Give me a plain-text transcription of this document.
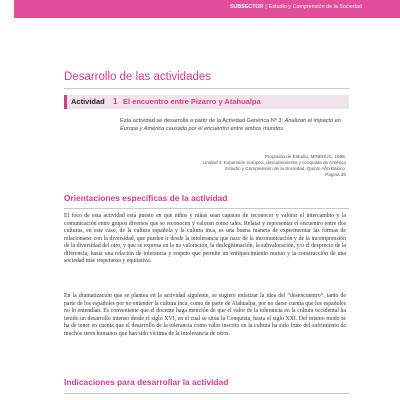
SUBSECTOR | Estudio y Comprensión de la Sociedad
Desarrollo de las actividades
Actividad 1 El encuentro entre Pizarro y Atahualpa

Esta actividad se desarrolla a partir de la Actividad Genérica Nº 3: Analizan el impacto en Europa y América causado por el encuentro entre ambos mundos.

Programa de Estudio, MINEDUC, 1998.
Unidad 3: Expansión europea, descubrimiento y conquista de América
Estudio y Comprensión de la Sociedad. Quinto Año Básico.
Página 35
Orientaciones específicas de la actividad

El foco de esta actividad está puesto en que niños y niñas sean capaces de reconocer y valorar el intercambio y la comunicación entre grupos diversos que se reconocen y valoran como tales. Relatar y representar el encuentro entre dos culturas, en este caso, de la cultura española y la cultura inca, es una buena manera de experimentar las formas de relacionarse con la diversidad, que pueden ir desde la intolerancia que nace de la incomunicación y de la incomprensión de la diversidad del otro, y que se expresa en la no valoración, la deslegitimación, la subvaloración, y/o el desprecio de la diferencia, hasta una relación de tolerancia y respeto que permite un enriquecimiento mutuo y la construcción de una sociedad más respetuosa y equitativa.

En la dramatización que se plantea en la actividad siguiente, se sugiere enfatizar la idea del “desencuentro”, tanto de parte de los españoles por no entender la cultura inca, como de parte de Atahualpa, por no darse cuenta que los españoles no lo entendían. Es conveniente que el docente haga mención de que el valor de la tolerancia en la cultura occidental ha tenido un desarrollo intenso desde el siglo XVI, en el cual se sitúa la Conquista, hasta el siglo XXI. Del mismo modo se ha de tener en cuenta que el desarrollo de la tolerancia como valor inscrito en la cultura ha sido fruto del sufrimiento de muchos seres humanos que han sido víctima de la intolerancia de otros.

Indicaciones para desarrollar la actividad
